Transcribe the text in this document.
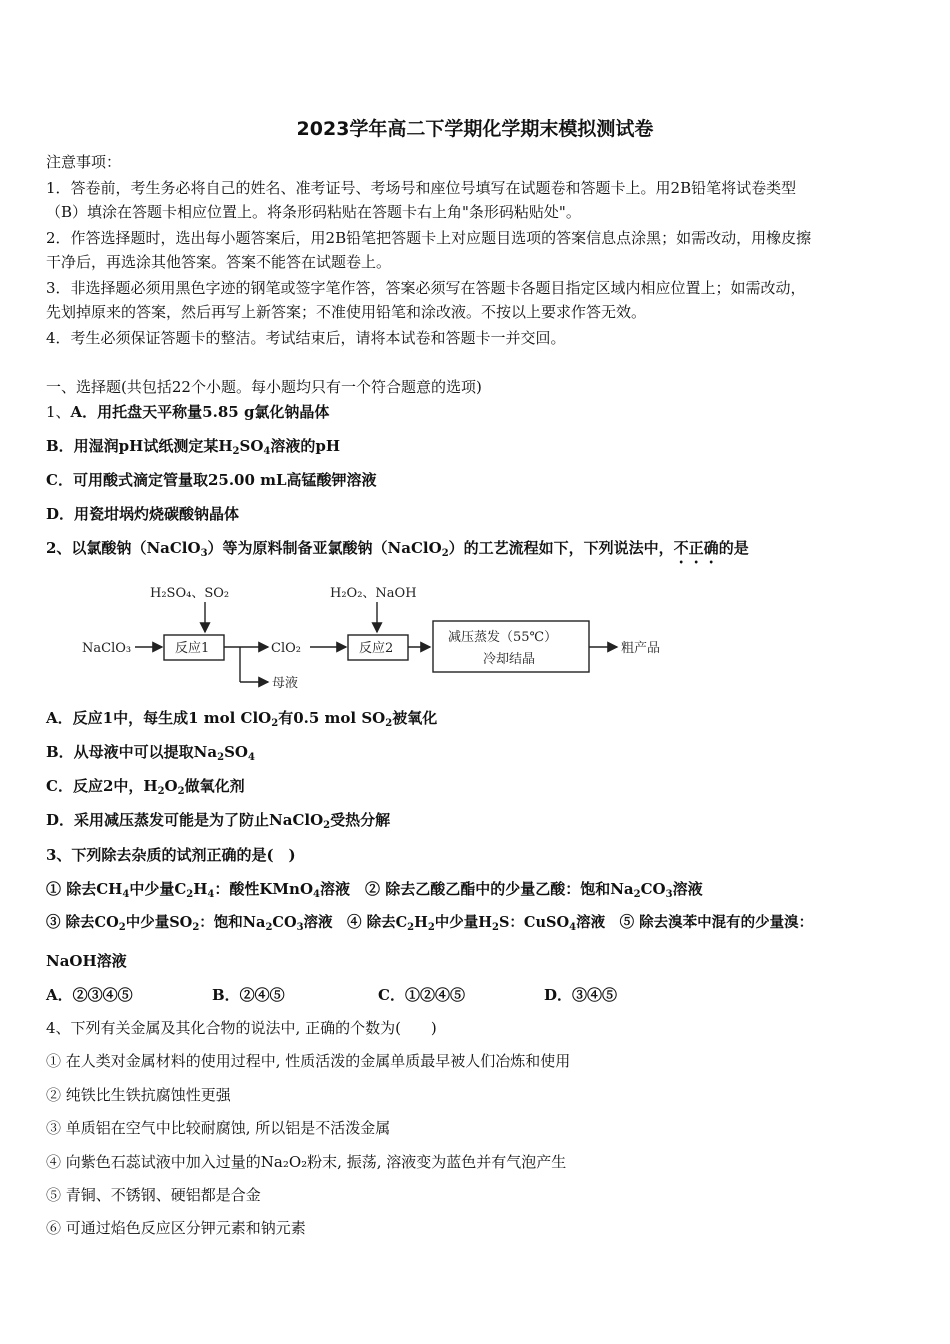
2023学年高二下学期化学期末模拟测试卷
注意事项：
1．答卷前，考生务必将自己的姓名、准考证号、考场号和座位号填写在试题卷和答题卡上。用2B铅笔将试卷类型
（B）填涂在答题卡相应位置上。将条形码粘贴在答题卡右上角"条形码粘贴处"。
2．作答选择题时，选出每小题答案后，用2B铅笔把答题卡上对应题目选项的答案信息点涂黑；如需改动，用橡皮擦
干净后，再选涂其他答案。答案不能答在试题卷上。
3．非选择题必须用黑色字迹的钢笔或签字笔作答，答案必须写在答题卡各题目指定区域内相应位置上；如需改动，
先划掉原来的答案，然后再写上新答案；不准使用铅笔和涂改液。不按以上要求作答无效。
4．考生必须保证答题卡的整洁。考试结束后，请将本试卷和答题卡一并交回。
一、选择题(共包括22个小题。每小题均只有一个符合题意的选项)
1、A．用托盘天平称量5.85 g氯化钠晶体
B．用湿润pH试纸测定某$H_2SO_4$溶液的pH
C．可用酸式滴定管量取25.00 mL高锰酸钾溶液
D．用瓷坩埚灼烧碳酸钠晶体
2、以氯酸钠（NaClO$_3$）等为原料制备亚氯酸钠（NaClO$_2$）的工艺流程如下，下列说法中，不正确的是
H₂SO₄、SO₂	H₂O₂、NaOH
NaClO₃	反应1
母液
ClO₂	反应2
减压蒸发（55℃）
冷却结晶
粗产品
A．反应1中，每生成1 mol ClO$_2$有0.5 mol $SO_2$被氧化
B．从母液中可以提取$Na_2SO_4$
C．反应2中，$H_2O_2$做氧化剂
D．采用减压蒸发可能是为了防止NaClO$_2$受热分解
3、下列除去杂质的试剂正确的是(　)
① 除去$CH_4$中少量$C_2H_4$：酸性KMnO$_4$溶液　② 除去乙酸乙酯中的少量乙酸：饱和$Na_2CO_3$溶液
③ 除去$CO_2$中少量$SO_2$：饱和$Na_2CO_3$溶液　④ 除去$C_2H_2$中少量$H_2S$：CuSO$_4$溶液　⑤ 除去溴苯中混有的少量溴：
NaOH溶液
A．②③④⑤	B．②④⑤	C．①②④⑤	D．③④⑤
4、下列有关金属及其化合物的说法中, 正确的个数为(　　)
① 在人类对金属材料的使用过程中, 性质活泼的金属单质最早被人们冶炼和使用
② 纯铁比生铁抗腐蚀性更强
③ 单质铝在空气中比较耐腐蚀, 所以铝是不活泼金属
④ 向紫色石蕊试液中加入过量的Na₂O₂粉末, 振荡, 溶液变为蓝色并有气泡产生
⑤ 青铜、不锈钢、硬铝都是合金
⑥ 可通过焰色反应区分钾元素和钠元素
